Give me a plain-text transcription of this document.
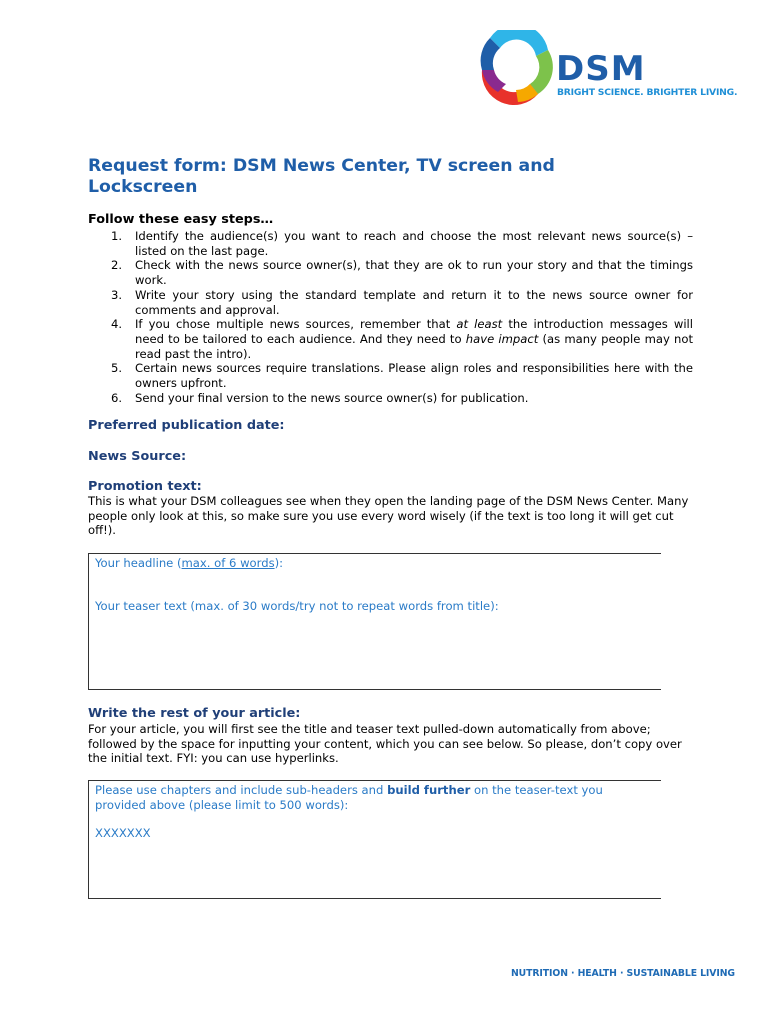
DSM
BRIGHT SCIENCE. BRIGHTER LIVING.
Request form: DSM News Center, TV screen and Lockscreen
Follow these easy steps…
1. Identify the audience(s) you want to reach and choose the most relevant news source(s) – listed on the last page.
2. Check with the news source owner(s), that they are ok to run your story and that the timings work.
3. Write your story using the standard template and return it to the news source owner for comments and approval.
4. If you chose multiple news sources, remember that at least the introduction messages will need to be tailored to each audience. And they need to have impact (as many people may not read past the intro).
5. Certain news sources require translations. Please align roles and responsibilities here with the owners upfront.
6. Send your final version to the news source owner(s) for publication.
Preferred publication date:
News Source:
Promotion text:
This is what your DSM colleagues see when they open the landing page of the DSM News Center. Many people only look at this, so make sure you use every word wisely (if the text is too long it will get cut off!).
Your headline (max. of 6 words):
Your teaser text (max. of 30 words/try not to repeat words from title):
Write the rest of your article:
For your article, you will first see the title and teaser text pulled-down automatically from above; followed by the space for inputting your content, which you can see below. So please, don’t copy over the initial text. FYI: you can use hyperlinks.
Please use chapters and include sub-headers and build further on the teaser-text you provided above (please limit to 500 words):
XXXXXXX
NUTRITION · HEALTH · SUSTAINABLE LIVING
